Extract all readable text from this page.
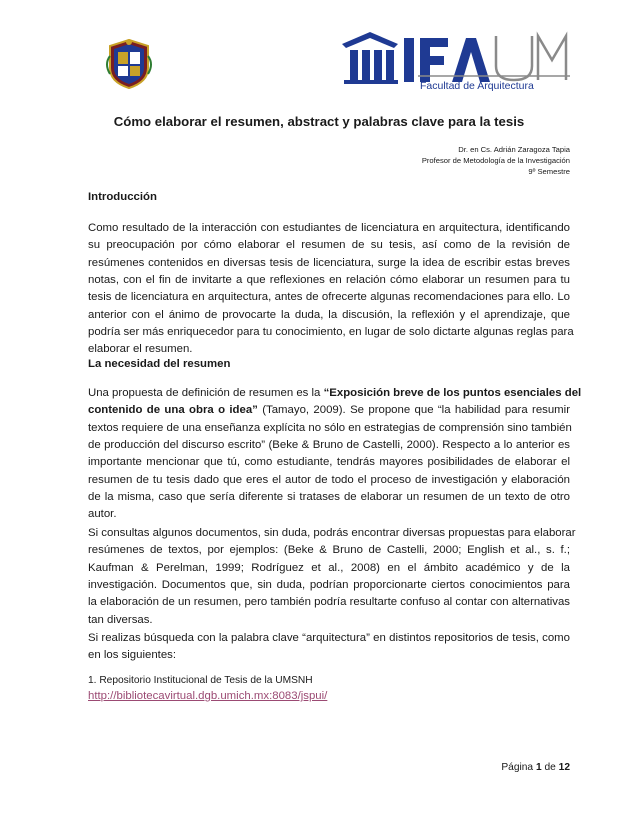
Facultad de Arquitectura
Cómo elaborar el resumen, abstract y palabras clave para la tesis
Dr. en Cs. Adrián Zaragoza Tapia
Profesor de Metodología de la Investigación
9º Semestre
Introducción

Como resultado de la interacción con estudiantes de licenciatura en arquitectura, identificando
su preocupación por cómo elaborar el resumen de su tesis, así como de la revisión de
resúmenes contenidos en diversas tesis de licenciatura, surge la idea de escribir estas breves
notas, con el fin de invitarte a que reflexiones en relación cómo elaborar un resumen para tu
tesis de licenciatura en arquitectura, antes de ofrecerte algunas recomendaciones para ello. Lo
anterior con el ánimo de provocarte la duda, la discusión, la reflexión y el aprendizaje, que
podría ser más enriquecedor para tu conocimiento, en lugar de solo dictarte algunas reglas para
elaborar el resumen.

La necesidad del resumen

Una propuesta de definición de resumen es la “Exposición breve de los puntos esenciales del
contenido de una obra o idea” (Tamayo, 2009). Se propone que “la habilidad para resumir
textos requiere de una enseñanza explícita no sólo en estrategias de comprensión sino también
de producción del discurso escrito” (Beke & Bruno de Castelli, 2000). Respecto a lo anterior es
importante mencionar que tú, como estudiante, tendrás mayores posibilidades de elaborar el
resumen de tu tesis dado que eres el autor de todo el proceso de investigación y elaboración
de la misma, caso que sería diferente si tratases de elaborar un resumen de un texto de otro
autor.

Si consultas algunos documentos, sin duda, podrás encontrar diversas propuestas para elaborar
resúmenes de textos, por ejemplos: (Beke & Bruno de Castelli, 2000; English et al., s. f.;
Kaufman & Perelman, 1999; Rodríguez et al., 2008) en el ámbito académico y de la
investigación. Documentos que, sin duda, podrían proporcionarte ciertos conocimientos para
la elaboración de un resumen, pero también podría resultarte confuso al contar con alternativas
tan diversas.

Si realizas búsqueda con la palabra clave “arquitectura” en distintos repositorios de tesis, como
en los siguientes:

1. Repositorio Institucional de Tesis de la UMSNH

http://bibliotecavirtual.dgb.umich.mx:8083/jspui/
Página 1 de 12
